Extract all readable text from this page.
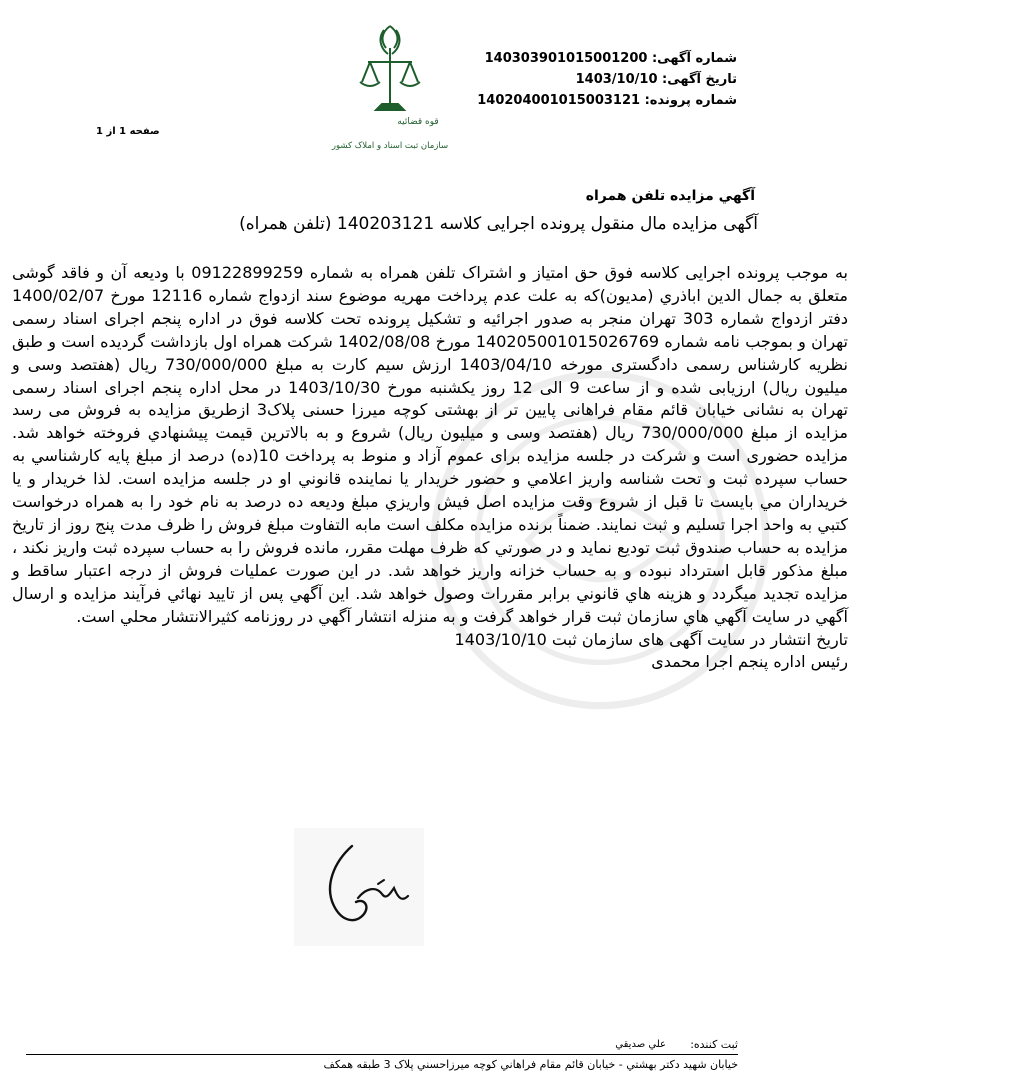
قوه قضائیه
سازمان ثبت اسناد و املاک کشور
شماره آگهی: 140303901015001200
تاریخ آگهی: 1403/10/10
شماره پرونده: 140204001015003121
صفحه 1 از 1
آگهي مزايده تلفن همراه
آگهی مزایده مال منقول پرونده اجرایی کلاسه 140203121 (تلفن همراه)

به موجب پرونده اجرایی کلاسه فوق حق امتیاز و اشتراک تلفن همراه به شماره 09122899259 با ودیعه آن و فاقد گوشی متعلق به جمال الدين اباذري (مدیون)که به علت عدم پرداخت مهریه موضوع سند ازدواج شماره 12116 مورخ 1400/02/07 دفتر ازدواج شماره 303 تهران منجر به صدور اجرائیه و تشکیل پرونده تحت کلاسه فوق در اداره پنجم اجرای اسناد رسمی تهران و بموجب نامه شماره 140205001015026769 مورخ 1402/08/08 شرکت همراه اول بازداشت گردیده است و طبق نظریه کارشناس رسمی دادگستری مورخه 1403/04/10 ارزش سیم کارت به مبلغ 730/000/000 ریال (هفتصد وسی و میلیون ریال) ارزیابی شده و از ساعت 9 الی 12 روز یکشنبه مورخ 1403/10/30 در محل اداره پنجم اجرای اسناد رسمی تهران به نشانی خیابان قائم مقام فراهانی پايين تر از بهشتی کوچه میرزا حسنی پلاک3 ازطریق مزایده به فروش می رسد مزایده از مبلغ 730/000/000 ریال (هفتصد وسی و میلیون ریال) شروع و به بالاترین قیمت پيشنهادي فروخته خواهد شد. مزايده حضوری است و شرکت در جلسه مزایده برای عموم آزاد و منوط به پرداخت 10(ده) درصد از مبلغ پايه كارشناسي به حساب سپرده ثبت و تحت شناسه واريز اعلامي و حضور خريدار يا نماينده قانوني او در جلسه مزايده است. لذا خريدار و يا خريداران مي بايست تا قبل از شروع وقت مزايده اصل فيش واريزي مبلغ وديعه ده درصد به نام خود را به همراه درخواست كتبي به واحد اجرا تسليم و ثبت نمايند. ضمناً برنده مزایده مکلف است مابه التفاوت مبلغ فروش را ظرف مدت پنج روز از تاریخ مزایده به حساب صندوق ثبت تودیع نماید و در صورتي كه ظرف مهلت مقرر، مانده فروش را به حساب سپرده ثبت واريز نكند ، مبلغ مذكور قابل استرداد نبوده و به حساب خزانه واريز خواهد شد. در اين صورت عمليات فروش از درجه اعتبار ساقط و مزايده تجديد ميگردد و هزينه هاي قانوني برابر مقررات وصول خواهد شد. اين آگهي پس از تاييد نهائي فرآيند مزايده و ارسال آگهي در سايت آگهي هاي سازمان ثبت قرار خواهد گرفت و به منزله انتشار آگهي در روزنامه كثيرالانتشار محلي است.

تاریخ انتشار در سایت آگهی های سازمان ثبت 1403/10/10

رئیس اداره پنجم اجرا محمدی

ثبت کننده:
علي صديقي
خيابان شهيد دكتر بهشتي - خيابان قائم مقام فراهاني كوچه ميرزاحسني پلاک 3 طبقه همكف
